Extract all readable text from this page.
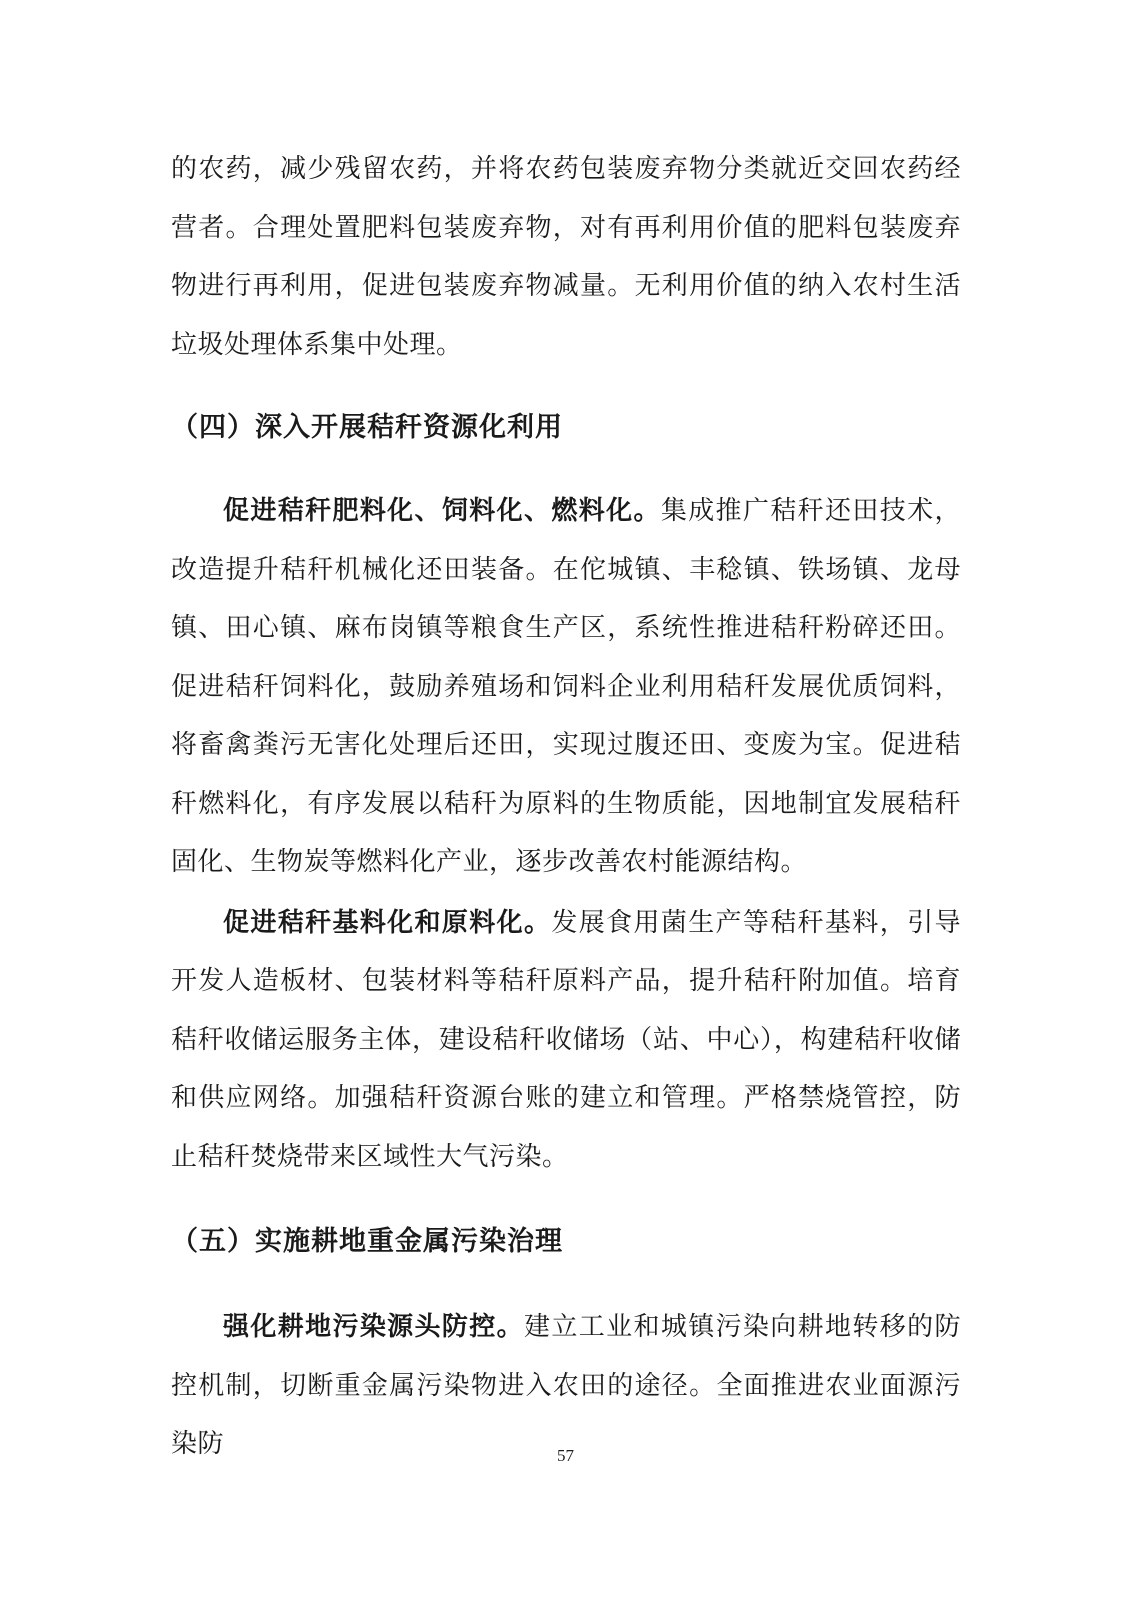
的农药，减少残留农药，并将农药包装废弃物分类就近交回农药经营者。合理处置肥料包装废弃物，对有再利用价值的肥料包装废弃物进行再利用，促进包装废弃物减量。无利用价值的纳入农村生活垃圾处理体系集中处理。

（四）深入开展秸秆资源化利用

促进秸秆肥料化、饲料化、燃料化。集成推广秸秆还田技术，改造提升秸秆机械化还田装备。在佗城镇、丰稔镇、铁场镇、龙母镇、田心镇、麻布岗镇等粮食生产区，系统性推进秸秆粉碎还田。促进秸秆饲料化，鼓励养殖场和饲料企业利用秸秆发展优质饲料，将畜禽粪污无害化处理后还田，实现过腹还田、变废为宝。促进秸秆燃料化，有序发展以秸秆为原料的生物质能，因地制宜发展秸秆固化、生物炭等燃料化产业，逐步改善农村能源结构。

促进秸秆基料化和原料化。发展食用菌生产等秸秆基料，引导开发人造板材、包装材料等秸秆原料产品，提升秸秆附加值。培育秸秆收储运服务主体，建设秸秆收储场（站、中心），构建秸秆收储和供应网络。加强秸秆资源台账的建立和管理。严格禁烧管控，防止秸秆焚烧带来区域性大气污染。

（五）实施耕地重金属污染治理

强化耕地污染源头防控。建立工业和城镇污染向耕地转移的防控机制，切断重金属污染物进入农田的途径。全面推进农业面源污染防	57
